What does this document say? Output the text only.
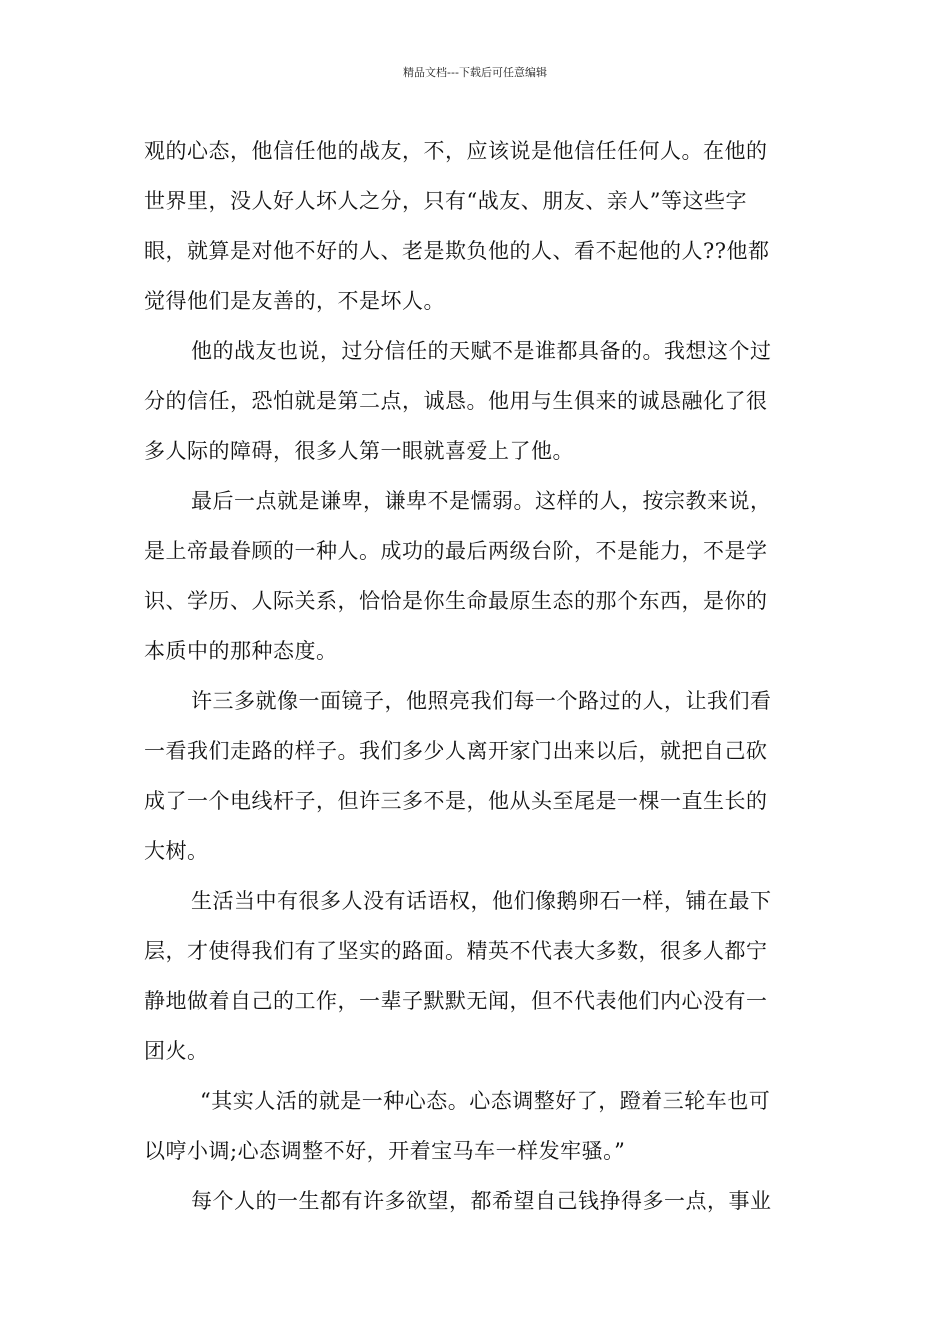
精品文档---下载后可任意编辑

观的心态，他信任他的战友，不，应该说是他信任任何人。在他的
世界里，没人好人坏人之分，只有“战友、朋友、亲人”等这些字
眼，就算是对他不好的人、老是欺负他的人、看不起他的人??他都
觉得他们是友善的，不是坏人。

他的战友也说，过分信任的天赋不是谁都具备的。我想这个过
分的信任，恐怕就是第二点，诚恳。他用与生俱来的诚恳融化了很
多人际的障碍，很多人第一眼就喜爱上了他。

最后一点就是谦卑，谦卑不是懦弱。这样的人，按宗教来说，
是上帝最眷顾的一种人。成功的最后两级台阶，不是能力，不是学
识、学历、人际关系，恰恰是你生命最原生态的那个东西，是你的
本质中的那种态度。

许三多就像一面镜子，他照亮我们每一个路过的人，让我们看
一看我们走路的样子。我们多少人离开家门出来以后，就把自己砍
成了一个电线杆子，但许三多不是，他从头至尾是一棵一直生长的
大树。

生活当中有很多人没有话语权，他们像鹅卵石一样，铺在最下
层，才使得我们有了坚实的路面。精英不代表大多数，很多人都宁
静地做着自己的工作，一辈子默默无闻，但不代表他们内心没有一
团火。

“其实人活的就是一种心态。心态调整好了，蹬着三轮车也可
以哼小调;心态调整不好，开着宝马车一样发牢骚。”

每个人的一生都有许多欲望，都希望自己钱挣得多一点，事业
